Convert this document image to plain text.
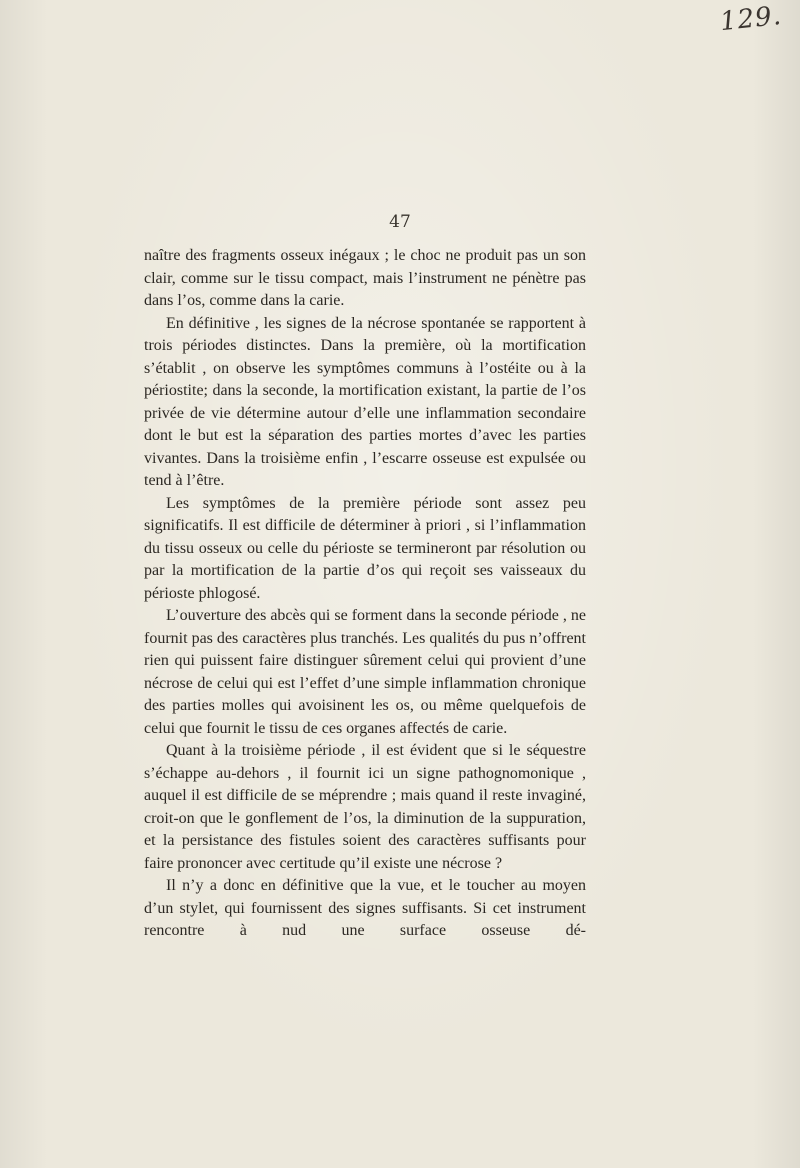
129.
47

naître des fragments osseux inégaux ; le choc ne produit pas un son clair, comme sur le tissu compact, mais l’instrument ne pénètre pas dans l’os, comme dans la carie.

En définitive , les signes de la nécrose spontanée se rapportent à trois périodes distinctes. Dans la première, où la mortification s’établit , on observe les symptômes communs à l’ostéite ou à la périostite; dans la seconde, la mortification existant, la partie de l’os privée de vie détermine autour d’elle une inflammation secondaire dont le but est la séparation des parties mortes d’avec les parties vivantes. Dans la troisième enfin , l’escarre osseuse est expulsée ou tend à l’être.

Les symptômes de la première période sont assez peu significatifs. Il est difficile de déterminer à priori , si l’inflammation du tissu osseux ou celle du périoste se termineront par résolution ou par la mortification de la partie d’os qui reçoit ses vaisseaux du périoste phlogosé.

L’ouverture des abcès qui se forment dans la seconde période , ne fournit pas des caractères plus tranchés. Les qualités du pus n’offrent rien qui puissent faire distinguer sûrement celui qui provient d’une nécrose de celui qui est l’effet d’une simple inflammation chronique des parties molles qui avoisinent les os, ou même quelquefois de celui que fournit le tissu de ces organes affectés de carie.

Quant à la troisième période , il est évident que si le séquestre s’échappe au-dehors , il fournit ici un signe pathognomonique , auquel il est difficile de se méprendre ; mais quand il reste invaginé, croit-on que le gonflement de l’os, la diminution de la suppuration, et la persistance des fistules soient des caractères suffisants pour faire prononcer avec certitude qu’il existe une nécrose ?

Il n’y a donc en définitive que la vue, et le toucher au moyen d’un stylet, qui fournissent des signes suffisants. Si cet instrument rencontre à nud une surface osseuse dé-
